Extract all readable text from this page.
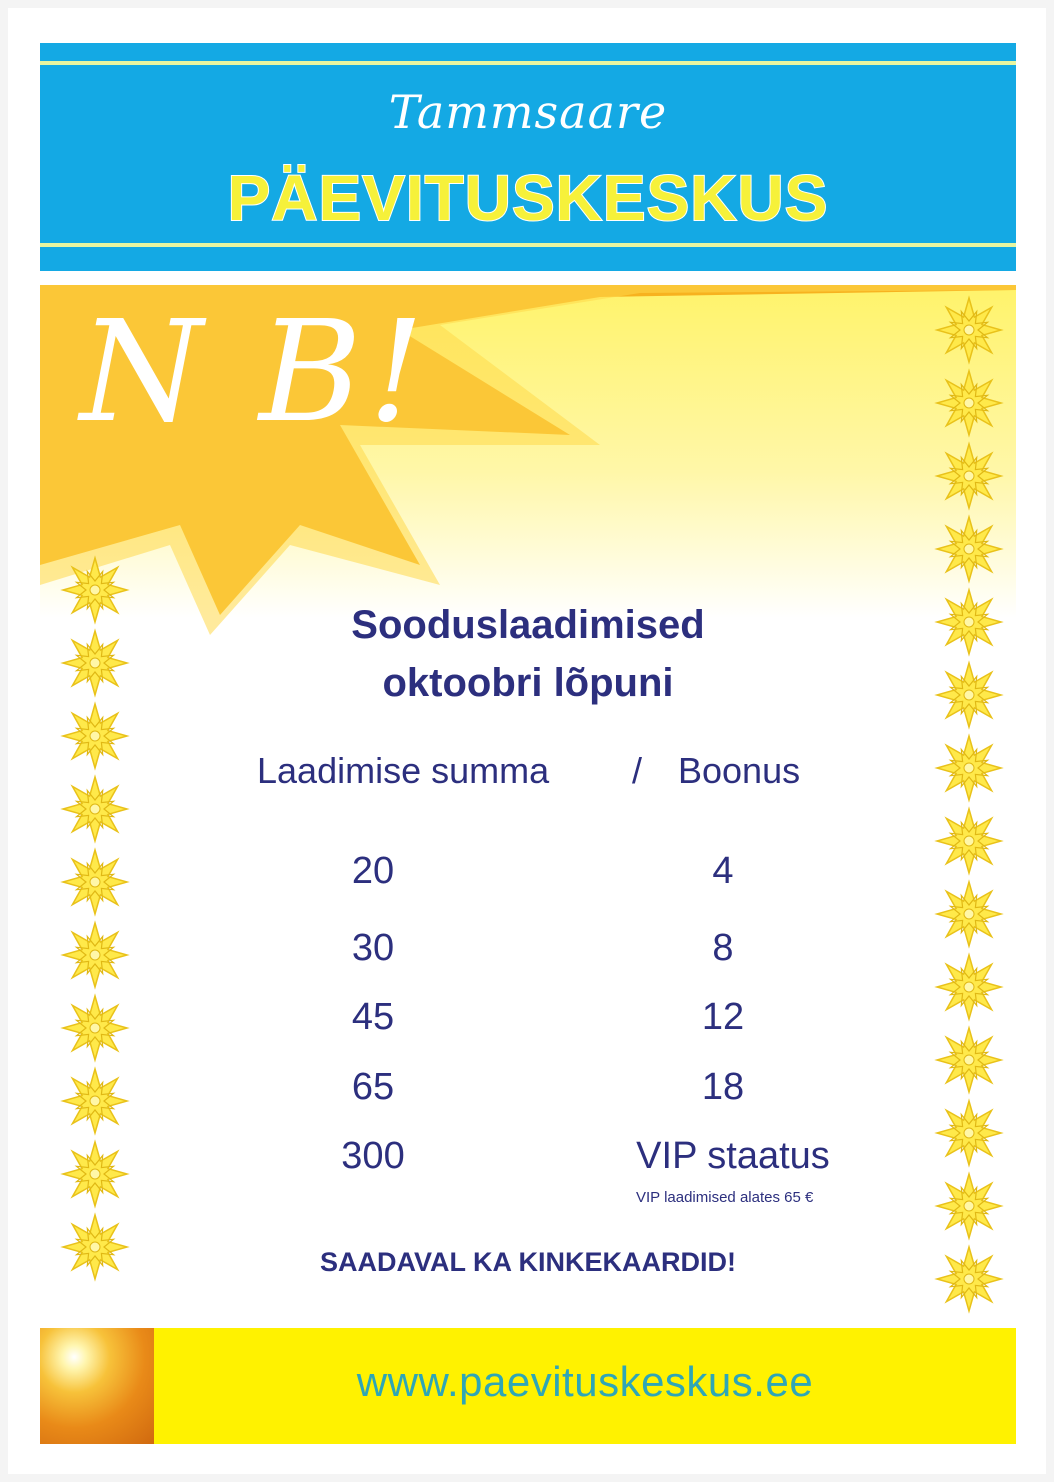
Tammsaare
PÄEVITUSKESKUS
N B!
Sooduslaadimised
oktoobri lõpuni
Laadimise summa / Boonus
20	4
30	8
45	12
65	18
300	VIP staatus
VIP laadimised alates 65 €
SAADAVAL KA KINKEKAARDID!
www.paevituskeskus.ee
